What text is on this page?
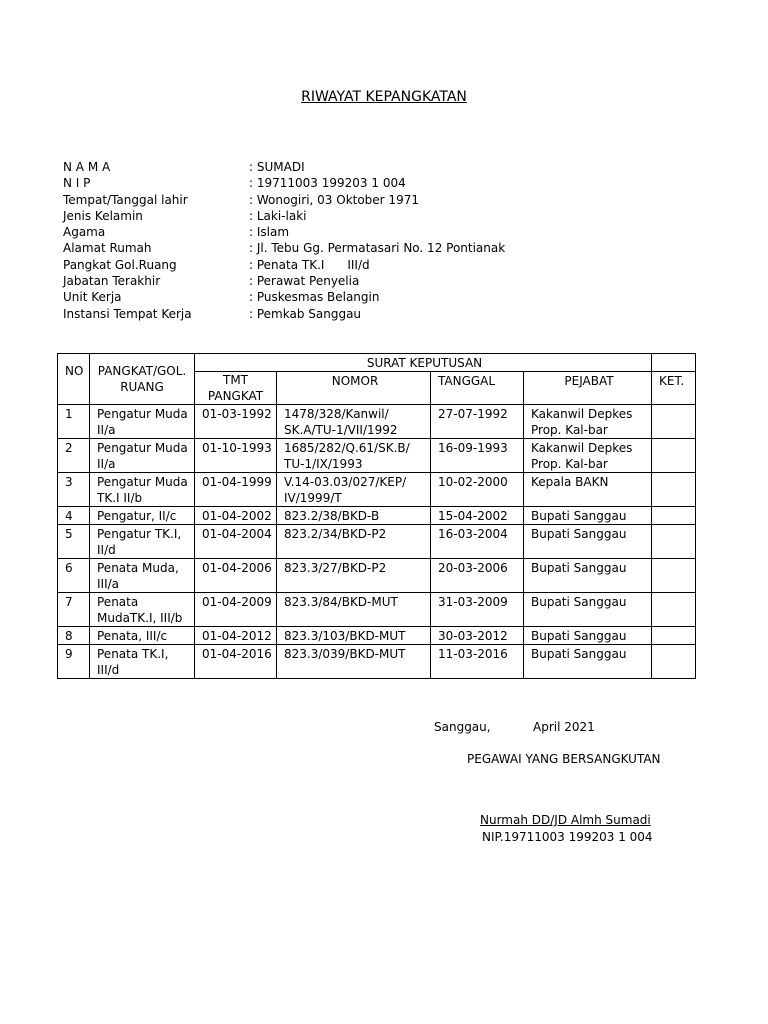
RIWAYAT KEPANGKATAN
N A M A	: SUMADI
N I P	: 19711003 199203 1 004
Tempat/Tanggal lahir	: Wonogiri, 03 Oktober 1971
Jenis Kelamin	: Laki-laki
Agama	: Islam
Alamat Rumah	: Jl. Tebu Gg. Permatasari No. 12 Pontianak
Pangkat Gol.Ruang	: Penata TK.I      III/d
Jabatan Terakhir	: Perawat Penyelia
Unit Kerja	: Puskesmas Belangin
Instansi Tempat Kerja	: Pemkab Sanggau
NO	PANGKAT/GOL. RUANG	SURAT KEPUTUSAN				
		TMT PANGKAT	NOMOR	TANGGAL	PEJABAT	KET.
1	Pengatur Muda II/a	01-03-1992	1478/328/Kanwil/ SK.A/TU-1/VII/1992	27-07-1992	Kakanwil Depkes Prop. Kal-bar	
2	Pengatur Muda II/a	01-10-1993	1685/282/Q.61/SK.B/ TU-1/IX/1993	16-09-1993	Kakanwil Depkes Prop. Kal-bar	
3	Pengatur Muda TK.I II/b	01-04-1999	V.14-03.03/027/KEP/ IV/1999/T	10-02-2000	Kepala BAKN	
4	Pengatur, II/c	01-04-2002	823.2/38/BKD-B	15-04-2002	Bupati Sanggau	
5	Pengatur TK.I, II/d	01-04-2004	823.2/34/BKD-P2	16-03-2004	Bupati Sanggau	
6	Penata Muda, III/a	01-04-2006	823.3/27/BKD-P2	20-03-2006	Bupati Sanggau	
7	Penata MudaTK.I, III/b	01-04-2009	823.3/84/BKD-MUT	31-03-2009	Bupati Sanggau	
8	Penata, III/c	01-04-2012	823.3/103/BKD-MUT	30-03-2012	Bupati Sanggau	
9	Penata TK.I, III/d	01-04-2016	823.3/039/BKD-MUT	11-03-2016	Bupati Sanggau	
Sanggau,	April 2021
PEGAWAI YANG BERSANGKUTAN
Nurmah DD/JD Almh Sumadi
NIP.19711003 199203 1 004
